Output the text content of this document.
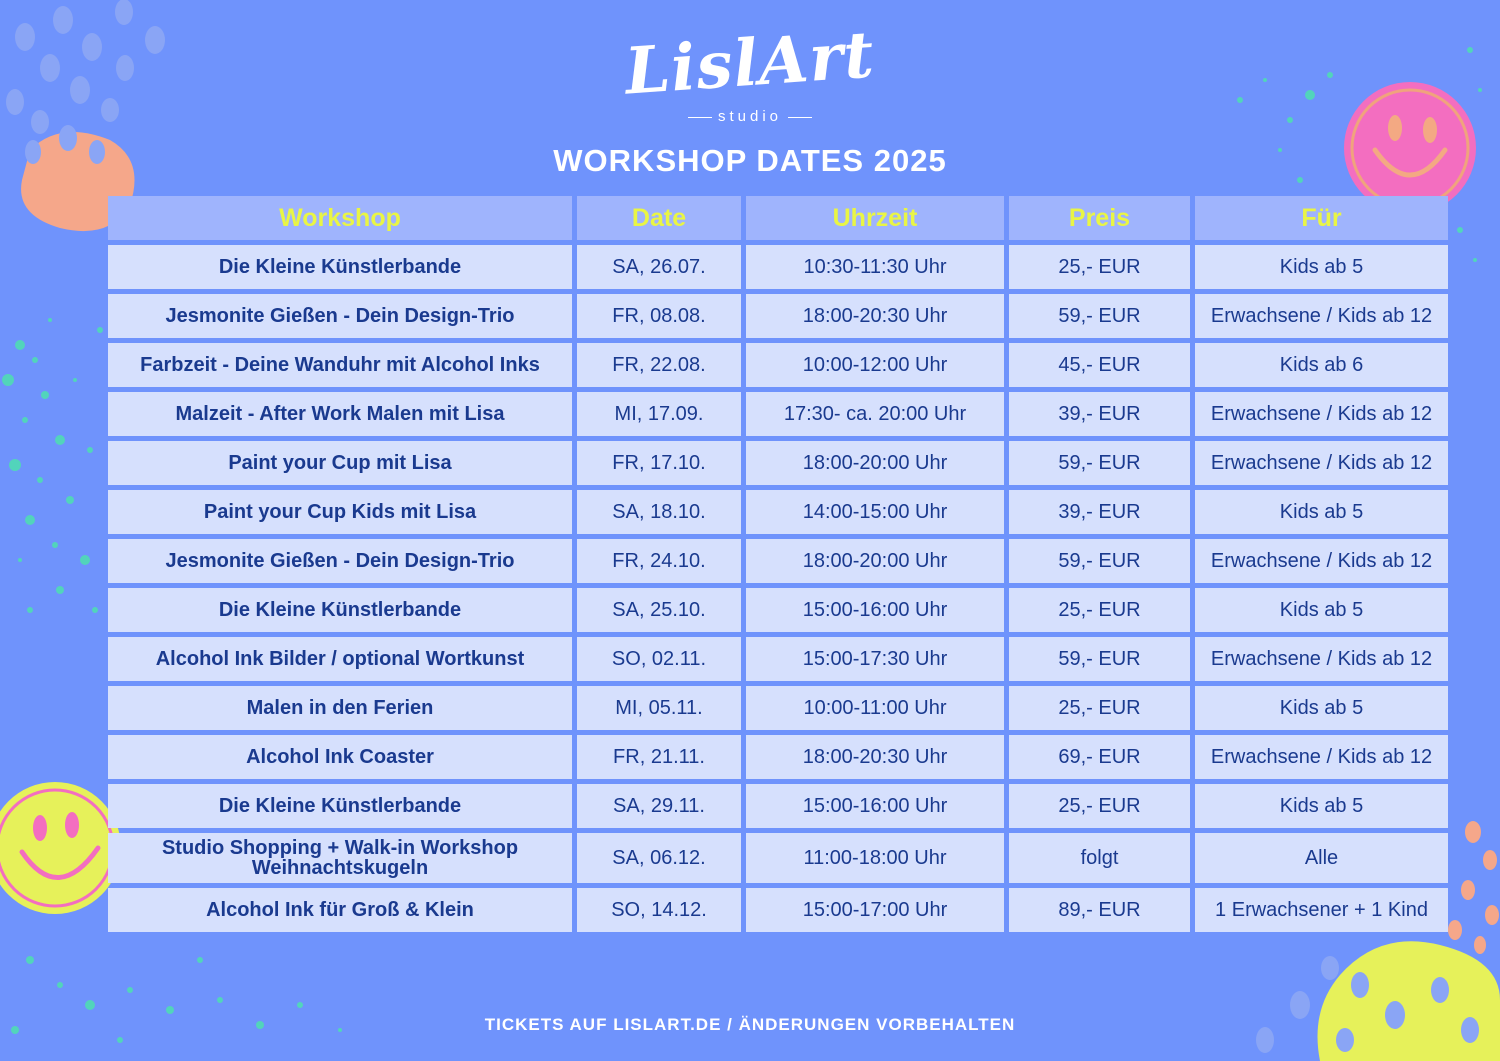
LislArt
studio
WORKSHOP DATES 2025
Workshop	Date	Uhrzeit	Preis	Für
Die Kleine Künstlerbande	SA, 26.07.	10:30-11:30 Uhr	25,- EUR	Kids ab 5
Jesmonite Gießen - Dein Design-Trio	FR, 08.08.	18:00-20:30 Uhr	59,- EUR	Erwachsene / Kids ab 12
Farbzeit - Deine Wanduhr mit Alcohol Inks	FR, 22.08.	10:00-12:00 Uhr	45,- EUR	Kids ab 6
Malzeit - After Work Malen mit Lisa	MI, 17.09.	17:30- ca. 20:00 Uhr	39,- EUR	Erwachsene / Kids ab 12
Paint your Cup mit Lisa	FR, 17.10.	18:00-20:00 Uhr	59,- EUR	Erwachsene / Kids ab 12
Paint your Cup Kids mit Lisa	SA, 18.10.	14:00-15:00 Uhr	39,- EUR	Kids ab 5
Jesmonite Gießen - Dein Design-Trio	FR, 24.10.	18:00-20:00 Uhr	59,- EUR	Erwachsene / Kids ab 12
Die Kleine Künstlerbande	SA, 25.10.	15:00-16:00 Uhr	25,- EUR	Kids ab 5
Alcohol Ink Bilder / optional Wortkunst	SO, 02.11.	15:00-17:30 Uhr	59,- EUR	Erwachsene / Kids ab 12
Malen in den Ferien	MI, 05.11.	10:00-11:00 Uhr	25,- EUR	Kids ab 5
Alcohol Ink Coaster	FR, 21.11.	18:00-20:30 Uhr	69,- EUR	Erwachsene / Kids ab 12
Die Kleine Künstlerbande	SA, 29.11.	15:00-16:00 Uhr	25,- EUR	Kids ab 5
Studio Shopping + Walk-in Workshop Weihnachtskugeln	SA, 06.12.	11:00-18:00 Uhr	folgt	Alle
Alcohol Ink für Groß & Klein	SO, 14.12.	15:00-17:00 Uhr	89,- EUR	1 Erwachsener + 1 Kind
TICKETS AUF LISLART.DE / ÄNDERUNGEN VORBEHALTEN
